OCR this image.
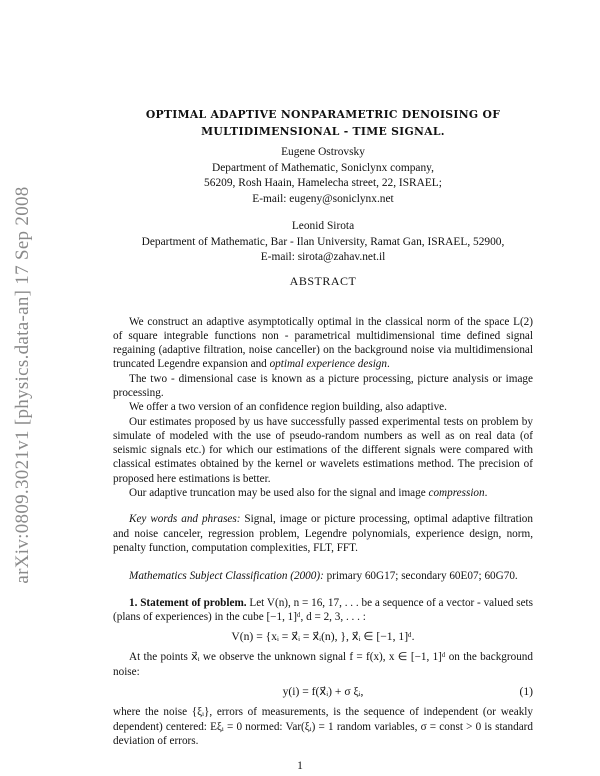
arXiv:0809.3021v1 [physics.data-an] 17 Sep 2008
OPTIMAL ADAPTIVE NONPARAMETRIC DENOISING OF
MULTIDIMENSIONAL - TIME SIGNAL.
Eugene Ostrovsky
Department of Mathematic, Soniclynx company,
56209, Rosh Haain, Hamelecha street, 22, ISRAEL;
E-mail: eugeny@soniclynx.net
Leonid Sirota
Department of Mathematic, Bar - Ilan University, Ramat Gan, ISRAEL, 52900,
E-mail: sirota@zahav.net.il
ABSTRACT

We construct an adaptive asymptotically optimal in the classical norm of the space L(2) of square integrable functions non - parametrical multidimensional time defined signal regaining (adaptive filtration, noise canceller) on the background noise via multidimensional truncated Legendre expansion and optimal experience design.

The two - dimensional case is known as a picture processing, picture analysis or image processing.

We offer a two version of an confidence region building, also adaptive.

Our estimates proposed by us have successfully passed experimental tests on problem by simulate of modeled with the use of pseudo-random numbers as well as on real data (of seismic signals etc.) for which our estimations of the different signals were compared with classical estimates obtained by the kernel or wavelets estimations method. The precision of proposed here estimations is better.

Our adaptive truncation may be used also for the signal and image compression.

Key words and phrases: Signal, image or picture processing, optimal adaptive filtration and noise canceler, regression problem, Legendre polynomials, experience design, norm, penalty function, computation complexities, FLT, FFT.

Mathematics Subject Classification (2000): primary 60G17; secondary 60E07; 60G70.

1. Statement of problem. Let V(n), n = 16, 17, . . . be a sequence of a vector - valued sets (plans of experiences) in the cube [−1, 1]ᵈ, d = 2, 3, . . . :

V(n) = {xᵢ = x⃗ᵢ = x⃗ᵢ(n), }, x⃗ᵢ ∈ [−1, 1]ᵈ.

At the points x⃗ᵢ we observe the unknown signal f = f(x), x ∈ [−1, 1]ᵈ on the background noise:

y(i) = f(x⃗ᵢ) + σ ξᵢ,	(1)

where the noise {ξᵢ}, errors of measurements, is the sequence of independent (or weakly dependent) centered: Eξᵢ = 0 normed: Var(ξᵢ) = 1 random variables, σ = const > 0 is standard deviation of errors.

1
